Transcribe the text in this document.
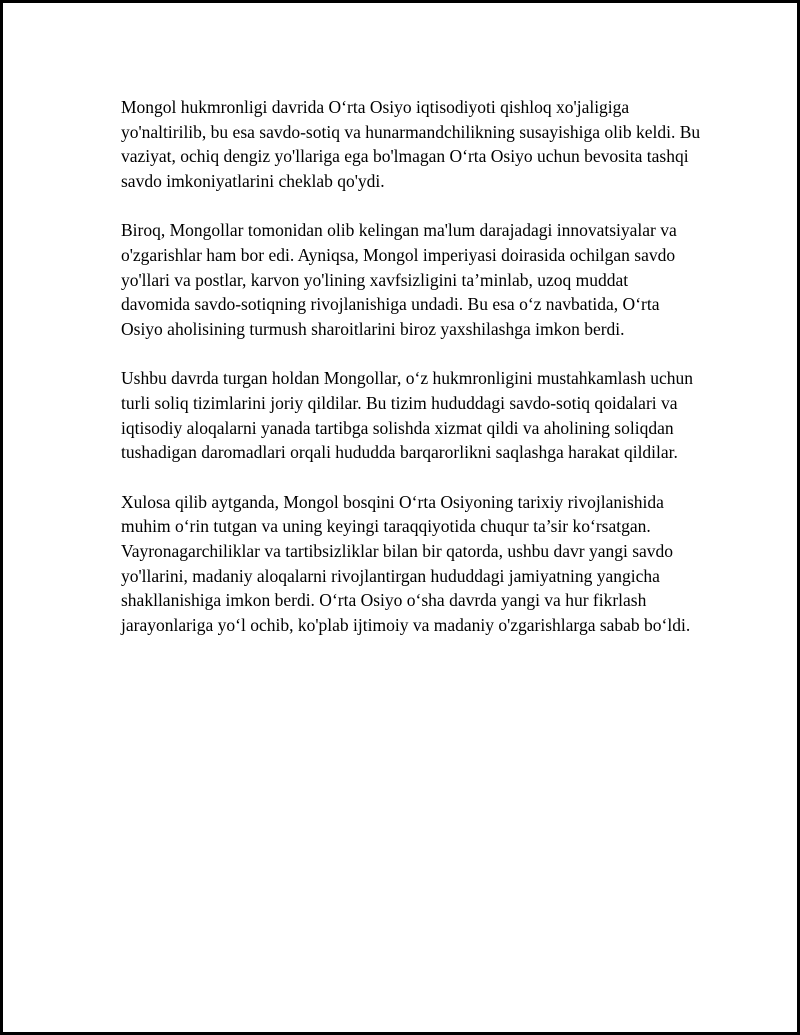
Mongol hukmronligi davrida O‘rta Osiyo iqtisodiyoti qishloq xo'jaligiga yo'naltirilib, bu esa savdo-sotiq va hunarmandchilikning susayishiga olib keldi. Bu vaziyat, ochiq dengiz yo'llariga ega bo'lmagan O‘rta Osiyo uchun bevosita tashqi savdo imkoniyatlarini cheklab qo'ydi.

Biroq, Mongollar tomonidan olib kelingan ma'lum darajadagi innovatsiyalar va o'zgarishlar ham bor edi. Ayniqsa, Mongol imperiyasi doirasida ochilgan savdo yo'llari va postlar, karvon yo'lining xavfsizligini ta’minlab, uzoq muddat davomida savdo-sotiqning rivojlanishiga undadi. Bu esa o‘z navbatida, O‘rta Osiyo aholisining turmush sharoitlarini biroz yaxshilashga imkon berdi.

Ushbu davrda turgan holdan Mongollar, o‘z hukmronligini mustahkamlash uchun turli soliq tizimlarini joriy qildilar. Bu tizim hududdagi savdo-sotiq qoidalari va iqtisodiy aloqalarni yanada tartibga solishda xizmat qildi va aholining soliqdan tushadigan daromadlari orqali hududda barqarorlikni saqlashga harakat qildilar.

Xulosa qilib aytganda, Mongol bosqini O‘rta Osiyoning tarixiy rivojlanishida muhim o‘rin tutgan va uning keyingi taraqqiyotida chuqur ta’sir ko‘rsatgan. Vayronagarchiliklar va tartibsizliklar bilan bir qatorda, ushbu davr yangi savdo yo'llarini, madaniy aloqalarni rivojlantirgan hududdagi jamiyatning yangicha shakllanishiga imkon berdi. O‘rta Osiyo o‘sha davrda yangi va hur fikrlash jarayonlariga yo‘l ochib, ko'plab ijtimoiy va madaniy o'zgarishlarga sabab bo‘ldi.
